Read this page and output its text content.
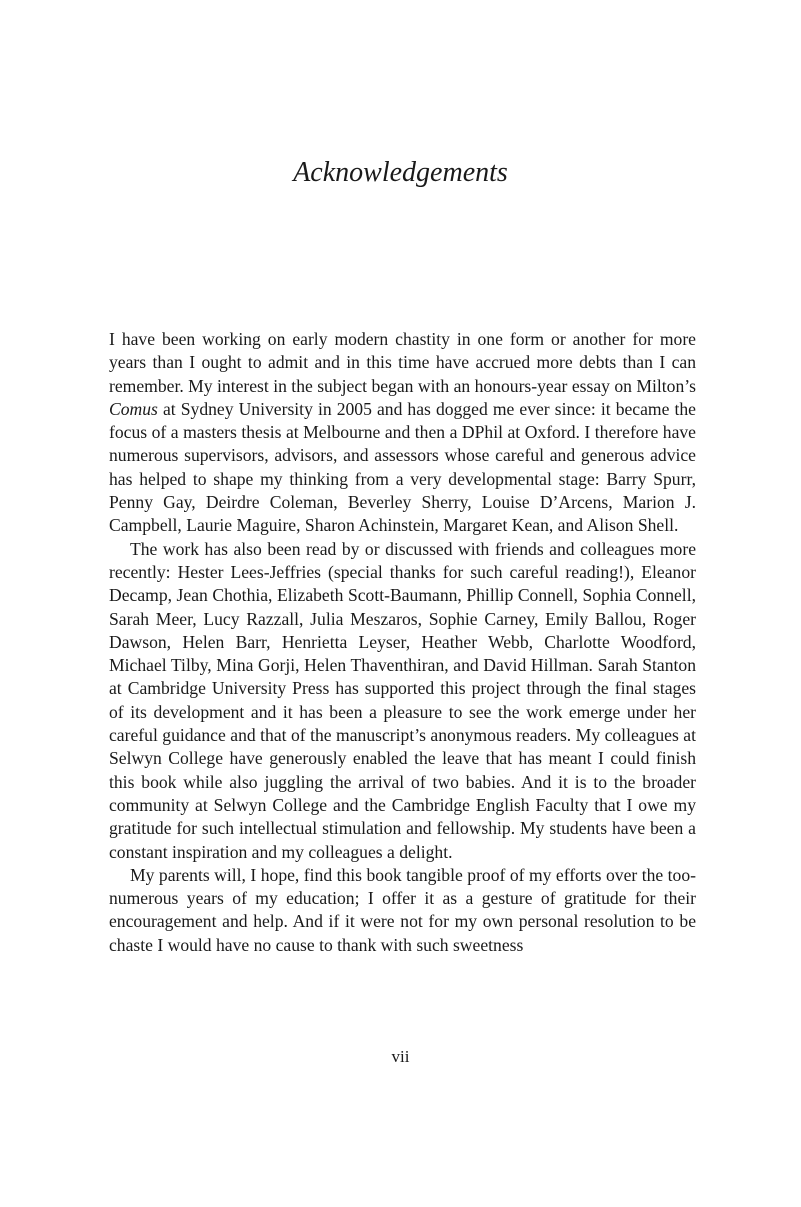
Acknowledgements

I have been working on early modern chastity in one form or another for more years than I ought to admit and in this time have accrued more debts than I can remember. My interest in the subject began with an honours-year essay on Milton’s Comus at Sydney University in 2005 and has dogged me ever since: it became the focus of a masters thesis at Melbourne and then a DPhil at Oxford. I therefore have numerous supervisors, advisors, and assessors whose careful and generous advice has helped to shape my thinking from a very developmental stage: Barry Spurr, Penny Gay, Deirdre Coleman, Beverley Sherry, Louise D’Arcens, Marion J. Campbell, Laurie Maguire, Sharon Achinstein, Margaret Kean, and Alison Shell.

The work has also been read by or discussed with friends and colleagues more recently: Hester Lees-Jeffries (special thanks for such careful reading!), Eleanor Decamp, Jean Chothia, Elizabeth Scott-Baumann, Phillip Connell, Sophia Connell, Sarah Meer, Lucy Razzall, Julia Meszaros, Sophie Carney, Emily Ballou, Roger Dawson, Helen Barr, Henrietta Leyser, Heather Webb, Charlotte Woodford, Michael Tilby, Mina Gorji, Helen Thaventhiran, and David Hillman. Sarah Stanton at Cambridge University Press has supported this project through the final stages of its development and it has been a pleasure to see the work emerge under her careful guidance and that of the manuscript’s anonymous readers. My colleagues at Selwyn College have generously enabled the leave that has meant I could finish this book while also juggling the arrival of two babies. And it is to the broader community at Selwyn College and the Cambridge English Faculty that I owe my gratitude for such intellectual stimulation and fellowship. My students have been a constant inspiration and my colleagues a delight.

My parents will, I hope, find this book tangible proof of my efforts over the too-numerous years of my education; I offer it as a gesture of gratitude for their encouragement and help. And if it were not for my own personal resolution to be chaste I would have no cause to thank with such sweetness

vii
